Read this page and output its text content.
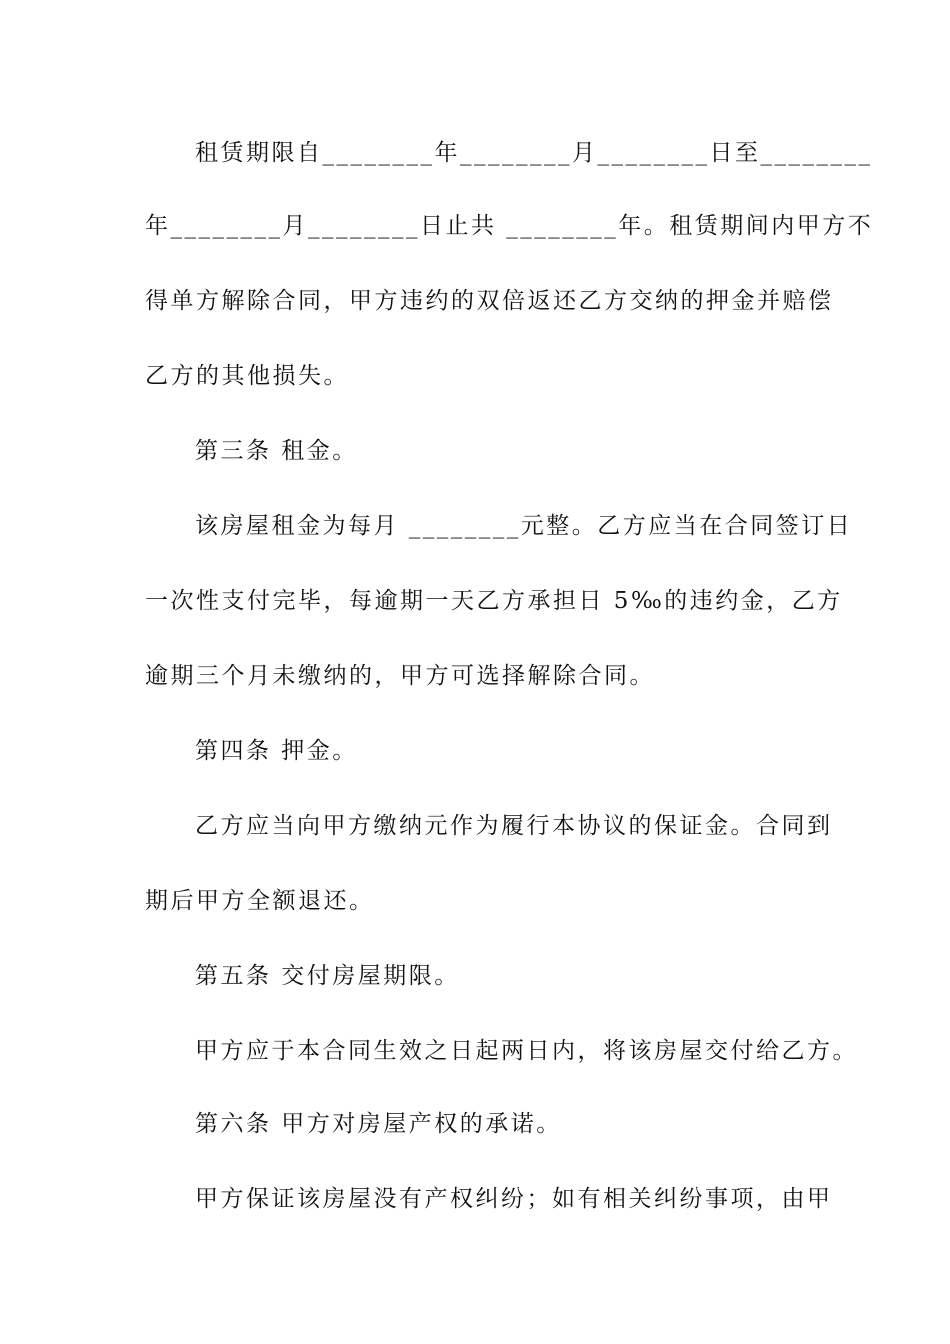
租赁期限自________年________月________日至________
年________月________日止共 ________年。租赁期间内甲方不
得单方解除合同，甲方违约的双倍返还乙方交纳的押金并赔偿
乙方的其他损失。
第三条 租金。
该房屋租金为每月 ________元整。乙方应当在合同签订日
一次性支付完毕，每逾期一天乙方承担日 5‰的违约金，乙方
逾期三个月未缴纳的，甲方可选择解除合同。
第四条 押金。
乙方应当向甲方缴纳元作为履行本协议的保证金。合同到
期后甲方全额退还。
第五条 交付房屋期限。
甲方应于本合同生效之日起两日内，将该房屋交付给乙方。
第六条 甲方对房屋产权的承诺。
甲方保证该房屋没有产权纠纷；如有相关纠纷事项，由甲
